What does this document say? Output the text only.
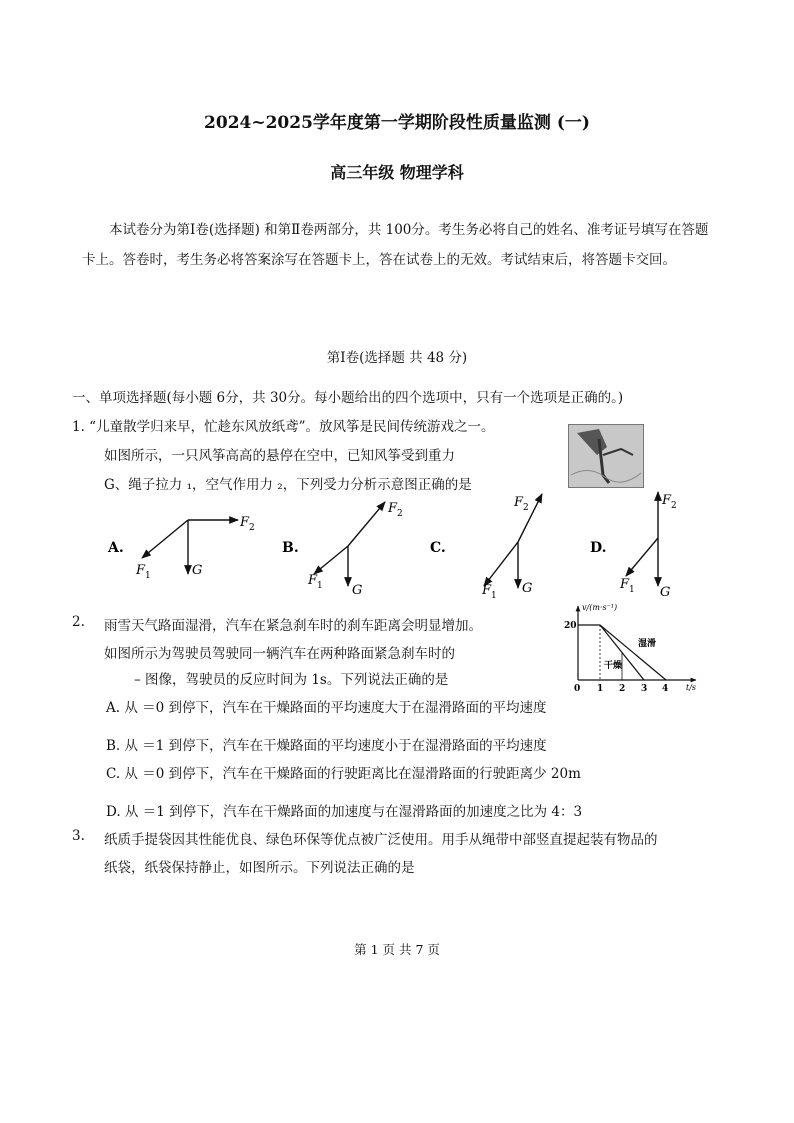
2024~2025学年度第一学期阶段性质量监测 (一)
高三年级 物理学科
本试卷分为第Ⅰ卷(选择题) 和第Ⅱ卷两部分，共 100分。考生务必将自己的姓名、准考证号填写在答题卡上。答卷时，考生务必将答案涂写在答题卡上，答在试卷上的无效。考试结束后，将答题卡交回。
第Ⅰ卷(选择题 共 48 分)
一、单项选择题(每小题 6分，共 30分。每小题给出的四个选项中，只有一个选项是正确的。)
1. “儿童散学归来早，忙趁东风放纸鸢”。放风筝是民间传统游戏之一。
如图所示，一只风筝高高的悬停在空中，已知风筝受到重力
G、绳子拉力 ₁，空气作用力 ₂，下列受力分析示意图正确的是
A.
F 2
F 1	G
B.
F 2
F 1 G
C.
F 2
F 1 G
D.
F 2
F 1 G
2. 雨雪天气路面湿滑，汽车在紧急刹车时的刹车距离会明显增加。
如图所示为驾驶员驾驶同一辆汽车在两种路面紧急刹车时的
– 图像，驾驶员的反应时间为 1s。下列说法正确的是
v/(m·s⁻¹)
t/s
20
0 1 2 3 4
湿滑
干燥
A. 从 ＝0 到停下，汽车在干燥路面的平均速度大于在湿滑路面的平均速度
B. 从 ＝1 到停下，汽车在干燥路面的平均速度小于在湿滑路面的平均速度
C. 从 ＝0 到停下，汽车在干燥路面的行驶距离比在湿滑路面的行驶距离少 20m
D. 从 ＝1 到停下，汽车在干燥路面的加速度与在湿滑路面的加速度之比为 4：3
3. 纸质手提袋因其性能优良、绿色环保等优点被广泛使用。用手从绳带中部竖直提起装有物品的
纸袋，纸袋保持静止，如图所示。下列说法正确的是
第 1 页 共 7 页
